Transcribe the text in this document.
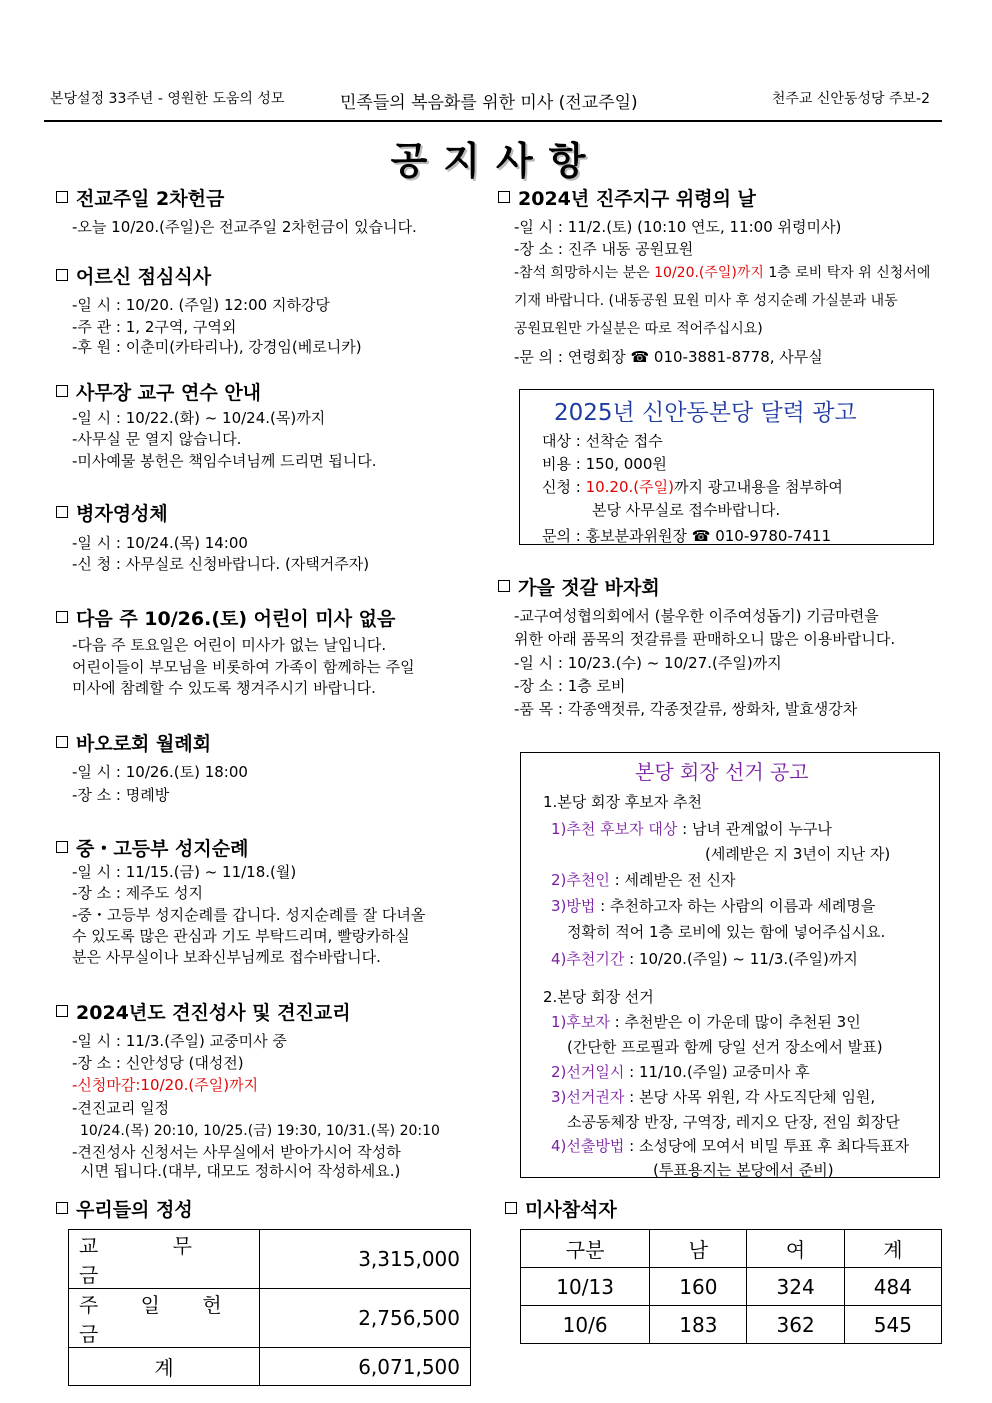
본당설정 33주년 - 영원한 도움의 성모	민족들의 복음화를 위한 미사 (전교주일)	천주교 신안동성당 주보-2
공지사항
전교주일 2차헌금
-오늘 10/20.(주일)은 전교주일 2차헌금이 있습니다.
어르신 점심식사
-일 시 : 10/20. (주일) 12:00 지하강당
-주 관 : 1, 2구역, 구역외
-후 원 : 이춘미(카타리나), 강경임(베로니카)
사무장 교구 연수 안내
-일 시 : 10/22.(화) ~ 10/24.(목)까지
-사무실 문 열지 않습니다.
-미사예물 봉헌은 책임수녀님께 드리면 됩니다.
병자영성체
-일 시 : 10/24.(목) 14:00
-신 청 : 사무실로 신청바랍니다. (자택거주자)
다음 주 10/26.(토) 어린이 미사 없음
-다음 주 토요일은 어린이 미사가 없는 날입니다.
어린이들이 부모님을 비롯하여 가족이 함께하는 주일
미사에 참례할 수 있도록 챙겨주시기 바랍니다.
바오로회 월례회
-일 시 : 10/26.(토) 18:00
-장 소 : 명례방
중・고등부 성지순례
-일 시 : 11/15.(금) ~ 11/18.(월)
-장 소 : 제주도 성지
-중・고등부 성지순례를 갑니다. 성지순례를 잘 다녀올
수 있도록 많은 관심과 기도 부탁드리며, 빨랑카하실
분은 사무실이나 보좌신부님께로 접수바랍니다.
2024년도 견진성사 및 견진교리
-일 시 : 11/3.(주일) 교중미사 중
-장 소 : 신안성당 (대성전)
-신청마감:10/20.(주일)까지
-견진교리 일정
10/24.(목) 20:10, 10/25.(금) 19:30, 10/31.(목) 20:10
-견진성사 신청서는 사무실에서 받아가시어 작성하
시면 됩니다.(대부, 대모도 정하시어 작성하세요.)
2024년 진주지구 위령의 날
-일 시 : 11/2.(토) (10:10 연도, 11:00 위령미사)
-장 소 : 진주 내동 공원묘원
-참석 희망하시는 분은 10/20.(주일)까지 1층 로비 탁자 위 신청서에
기재 바랍니다. (내동공원 묘원 미사 후 성지순례 가실분과 내동
공원묘원만 가실분은 따로 적어주십시요)
-문 의 : 연령회장 ☎ 010-3881-8778, 사무실
2025년 신안동본당 달력 광고
대상 : 선착순 접수
비용 : 150, 000원
신청 : 10.20.(주일)까지 광고내용을 첨부하여
본당 사무실로 접수바랍니다.
문의 : 홍보분과위원장 ☎ 010-9780-7411
가을 젓갈 바자회
-교구여성협의회에서 (불우한 이주여성돕기) 기금마련을
위한 아래 품목의 젓갈류를 판매하오니 많은 이용바랍니다.
-일 시 : 10/23.(수) ~ 10/27.(주일)까지
-장 소 : 1층 로비
-품 목 : 각종액젓류, 각종젓갈류, 쌍화차, 발효생강차
본당 회장 선거 공고
1.본당 회장 후보자 추천
1)추천 후보자 대상 : 남녀 관계없이 누구나
(세례받은 지 3년이 지난 자)
2)추천인 : 세례받은 전 신자
3)방법 : 추천하고자 하는 사람의 이름과 세례명을
정확히 적어 1층 로비에 있는 함에 넣어주십시요.
4)추천기간 : 10/20.(주일) ~ 11/3.(주일)까지
2.본당 회장 선거
1)후보자 : 추천받은 이 가운데 많이 추천된 3인
(간단한 프로필과 함께 당일 선거 장소에서 발표)
2)선거일시 : 11/10.(주일) 교중미사 후
3)선거권자 : 본당 사목 위원, 각 사도직단체 임원,
소공동체장 반장, 구역장, 레지오 단장, 전임 회장단
4)선출방법 : 소성당에 모여서 비밀 투표 후 최다득표자
(투표용지는 본당에서 준비)
우리들의 정성
교 무 금	3,315,000
주 일 헌 금	2,756,500
계	6,071,500
미사참석자
구분	남	여	계
10/13	160	324	484
10/6	183	362	545
